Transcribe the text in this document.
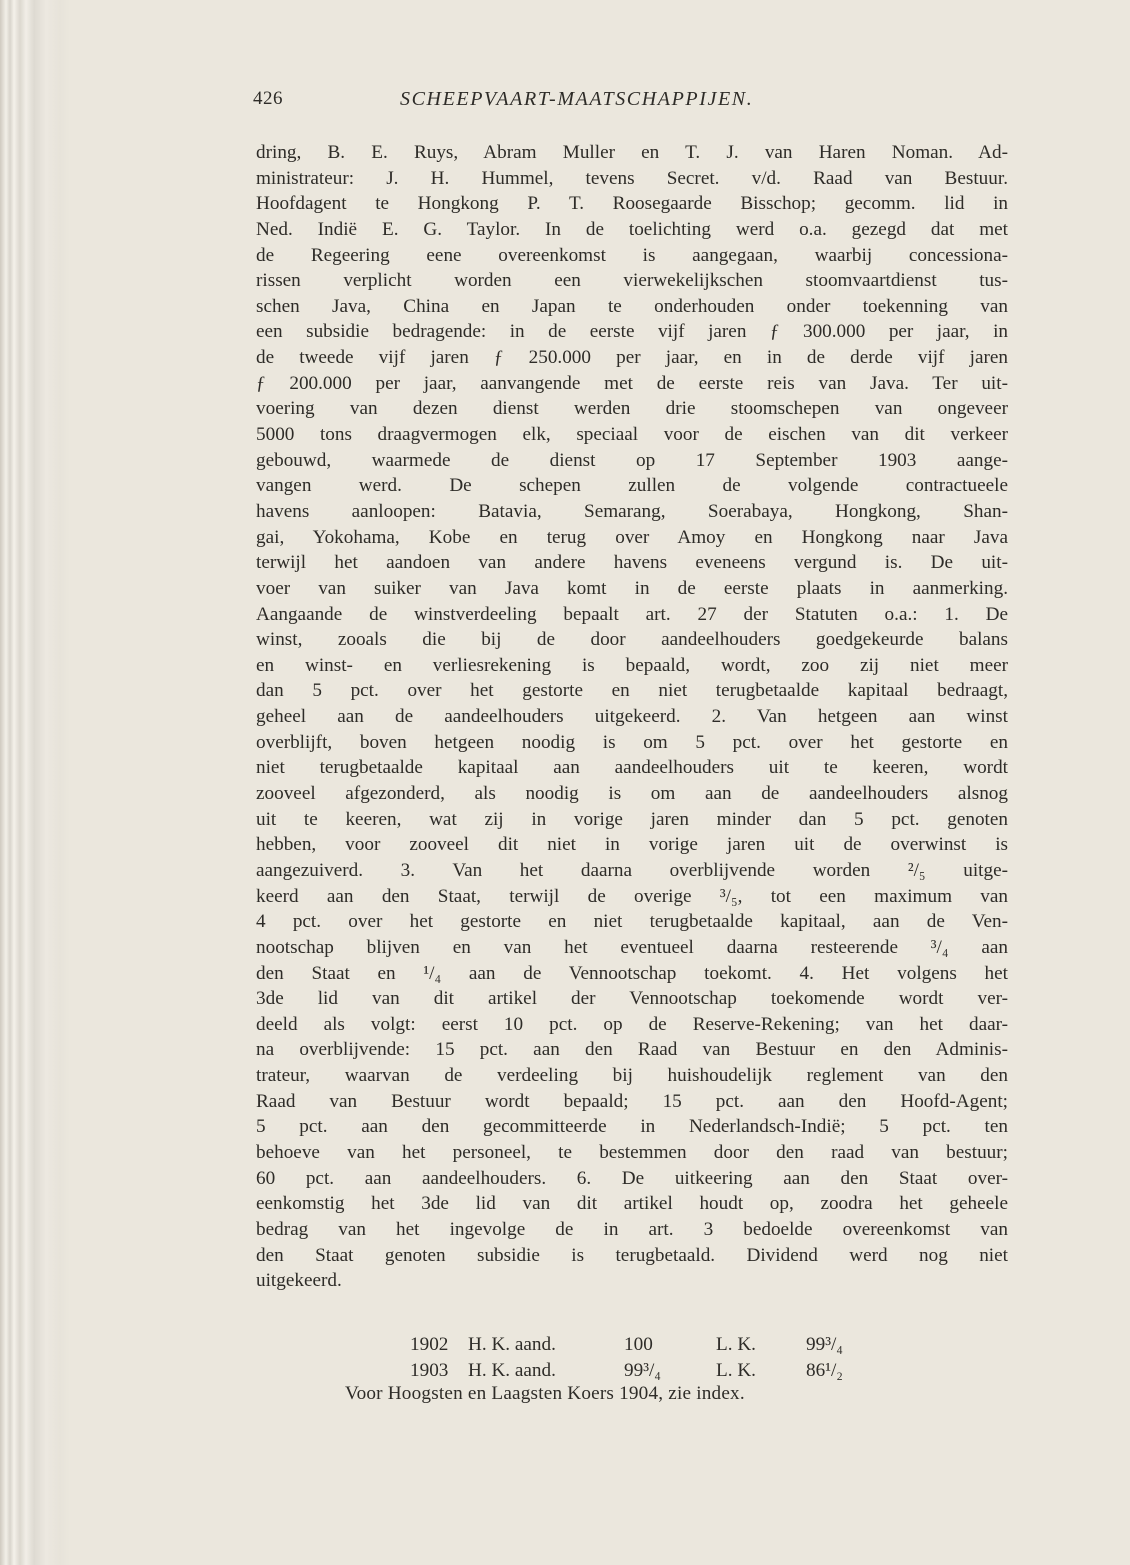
426	SCHEEPVAART-MAATSCHAPPIJEN.
dring, B. E. Ruys, Abram Muller en T. J. van Haren Noman. Ad-
ministrateur: J. H. Hummel, tevens Secret. v/d. Raad van Bestuur.
Hoofdagent te Hongkong P. T. Roosegaarde Bisschop; gecomm. lid in
Ned. Indië E. G. Taylor. In de toelichting werd o.a. gezegd dat met
de Regeering eene overeenkomst is aangegaan, waarbij concessiona-
rissen verplicht worden een vierwekelijkschen stoomvaartdienst tus-
schen Java, China en Japan te onderhouden onder toekenning van
een subsidie bedragende: in de eerste vijf jaren ƒ 300.000 per jaar, in
de tweede vijf jaren ƒ 250.000 per jaar, en in de derde vijf jaren
ƒ 200.000 per jaar, aanvangende met de eerste reis van Java. Ter uit-
voering van dezen dienst werden drie stoomschepen van ongeveer
5000 tons draagvermogen elk, speciaal voor de eischen van dit verkeer
gebouwd, waarmede de dienst op 17 September 1903 aange-
vangen werd. De schepen zullen de volgende contractueele
havens aanloopen: Batavia, Semarang, Soerabaya, Hongkong, Shan-
gai, Yokohama, Kobe en terug over Amoy en Hongkong naar Java
terwijl het aandoen van andere havens eveneens vergund is. De uit-
voer van suiker van Java komt in de eerste plaats in aanmerking.
Aangaande de winstverdeeling bepaalt art. 27 der Statuten o.a.: 1. De
winst, zooals die bij de door aandeelhouders goedgekeurde balans
en winst- en verliesrekening is bepaald, wordt, zoo zij niet meer
dan 5 pct. over het gestorte en niet terugbetaalde kapitaal bedraagt,
geheel aan de aandeelhouders uitgekeerd. 2. Van hetgeen aan winst
overblijft, boven hetgeen noodig is om 5 pct. over het gestorte en
niet terugbetaalde kapitaal aan aandeelhouders uit te keeren, wordt
zooveel afgezonderd, als noodig is om aan de aandeelhouders alsnog
uit te keeren, wat zij in vorige jaren minder dan 5 pct. genoten
hebben, voor zooveel dit niet in vorige jaren uit de overwinst is
aangezuiverd. 3. Van het daarna overblijvende worden ²/₅ uitge-
keerd aan den Staat, terwijl de overige ³/₅, tot een maximum van
4 pct. over het gestorte en niet terugbetaalde kapitaal, aan de Ven-
nootschap blijven en van het eventueel daarna resteerende ³/₄ aan
den Staat en ¹/₄ aan de Vennootschap toekomt. 4. Het volgens het
3de lid van dit artikel der Vennootschap toekomende wordt ver-
deeld als volgt: eerst 10 pct. op de Reserve-Rekening; van het daar-
na overblijvende: 15 pct. aan den Raad van Bestuur en den Adminis-
trateur, waarvan de verdeeling bij huishoudelijk reglement van den
Raad van Bestuur wordt bepaald; 15 pct. aan den Hoofd-Agent;
5 pct. aan den gecommitteerde in Nederlandsch-Indië; 5 pct. ten
behoeve van het personeel, te bestemmen door den raad van bestuur;
60 pct. aan aandeelhouders. 6. De uitkeering aan den Staat over-
eenkomstig het 3de lid van dit artikel houdt op, zoodra het geheele
bedrag van het ingevolge de in art. 3 bedoelde overeenkomst van
den Staat genoten subsidie is terugbetaald. Dividend werd nog niet
uitgekeerd.
1902 H. K. aand.	100	L. K.	99³/₄
1903 H. K. aand.	99³/₄	L. K.	86¹/₂
Voor Hoogsten en Laagsten Koers 1904, zie index.
